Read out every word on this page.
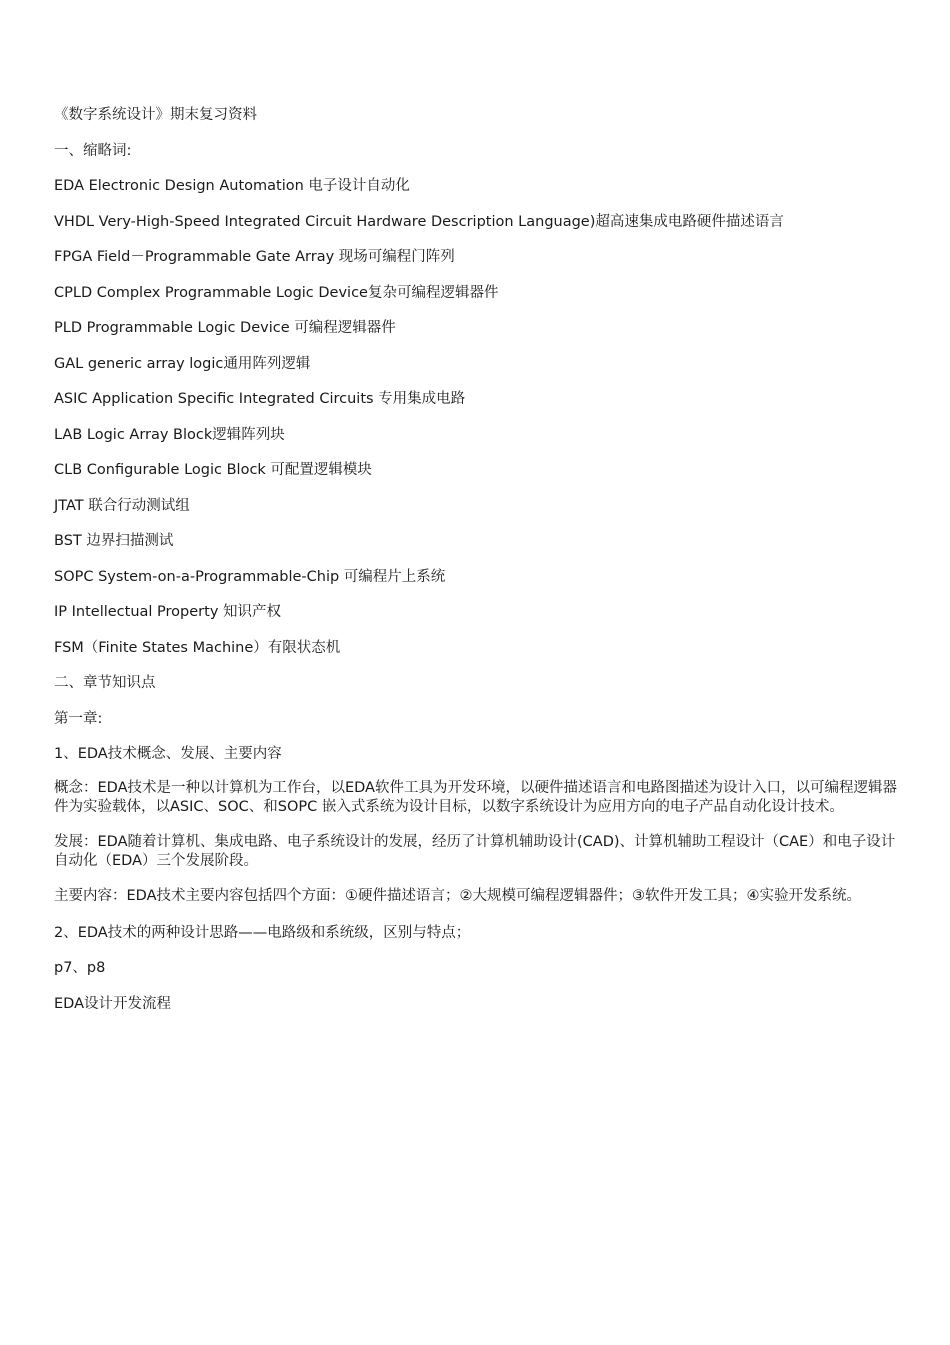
《数字系统设计》期末复习资料
一、缩略词:
EDA Electronic Design Automation 电子设计自动化
VHDL Very-High-Speed Integrated Circuit Hardware Description Language)超高速集成电路硬件描述语言
FPGA Field－Programmable Gate Array 现场可编程门阵列
CPLD Complex Programmable Logic Device复杂可编程逻辑器件
PLD Programmable Logic Device 可编程逻辑器件
GAL generic array logic通用阵列逻辑
ASIC Application Specific Integrated Circuits 专用集成电路
LAB Logic Array Block逻辑阵列块
CLB Configurable Logic Block 可配置逻辑模块
JTAT 联合行动测试组
BST 边界扫描测试
SOPC System-on-a-Programmable-Chip 可编程片上系统
IP Intellectual Property 知识产权
FSM（Finite States Machine）有限状态机
二、章节知识点
第一章:
1、EDA技术概念、发展、主要内容
概念：EDA技术是一种以计算机为工作台，以EDA软件工具为开发环境，以硬件描述语言和电路图描述为设计入口，以可编程逻辑器件为实验载体，以ASIC、SOC、和SOPC 嵌入式系统为设计目标，以数字系统设计为应用方向的电子产品自动化设计技术。
发展：EDA随着计算机、集成电路、电子系统设计的发展，经历了计算机辅助设计(CAD)、计算机辅助工程设计（CAE）和电子设计自动化（EDA）三个发展阶段。
主要内容：EDA技术主要内容包括四个方面：①硬件描述语言；②大规模可编程逻辑器件；③软件开发工具；④实验开发系统。
2、EDA技术的两种设计思路——电路级和系统级，区别与特点；
p7、p8
EDA设计开发流程
